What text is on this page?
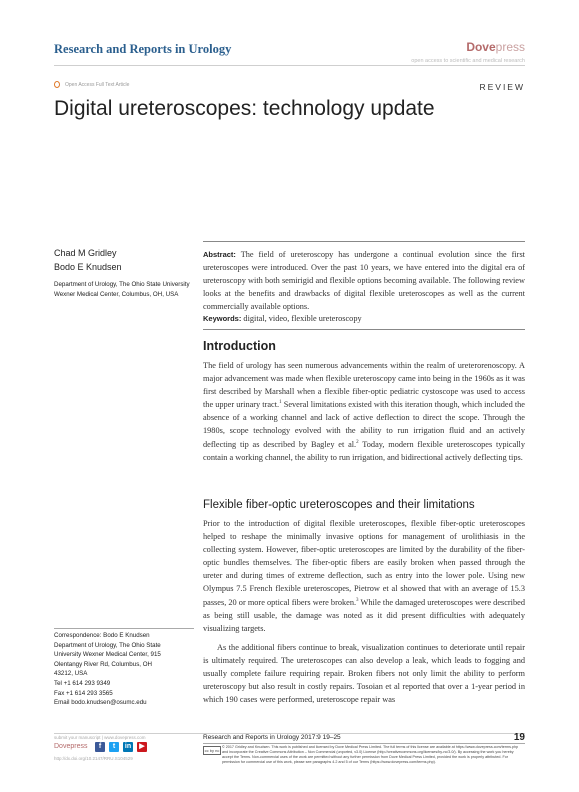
Research and Reports in Urology	Dovepress
open access to scientific and medical research
Open Access Full Text Article	REVIEW
Digital ureteroscopes: technology update
Chad M Gridley
Bodo E Knudsen
Department of Urology, The Ohio State University Wexner Medical Center, Columbus, OH, USA
Abstract: The field of ureteroscopy has undergone a continual evolution since the first ureteroscopes were introduced. Over the past 10 years, we have entered into the digital era of ureteroscopy with both semirigid and flexible options becoming available. The following review looks at the benefits and drawbacks of digital flexible ureteroscopes as well as the current commercially available options.
Keywords: digital, video, flexible ureteroscopy
Introduction
The field of urology has seen numerous advancements within the realm of ureterorenoscopy. A major advancement was made when flexible ureteroscopy came into being in the 1960s as it was first described by Marshall when a flexible fiber-optic pediatric cystoscope was used to access the upper urinary tract.$^1$ Several limitations existed with this iteration though, which included the absence of a working channel and lack of active deflection to direct the scope. Through the 1980s, scope technology evolved with the ability to run irrigation fluid and an actively deflecting tip as described by Bagley et al.$^2$ Today, modern flexible ureteroscopes typically contain a working channel, the ability to run irrigation, and bidirectional actively deflecting tips.
Flexible fiber-optic ureteroscopes and their limitations
Prior to the introduction of digital flexible ureteroscopes, flexible fiber-optic ureteroscopes helped to reshape the minimally invasive options for management of urolithiasis in the collecting system. However, fiber-optic ureteroscopes are limited by the durability of the fiber-optic bundles themselves. The fiber-optic fibers are easily broken when passed through the ureter and during times of extreme deflection, such as entry into the lower pole. Using new Olympus 7.5 French flexible ureteroscopes, Pietrow et al showed that with an average of 15.3 passes, 20 or more optical fibers were broken.$^3$ While the damaged ureteroscopes were described as being still usable, the damage was noted as it did present difficulties with adequately visualizing targets.
As the additional fibers continue to break, visualization continues to deteriorate until repair is ultimately required. The ureteroscopes can also develop a leak, which leads to fogging and usually complete failure requiring repair. Broken fibers not only limit the ability to perform ureteroscopy but also result in costly repairs. Tosoian et al reported that over a 1-year period in which 190 cases were performed, ureteroscope repair was
Correspondence: Bodo E Knudsen
Department of Urology, The Ohio State
University Wexner Medical Center, 915
Olentangy River Rd, Columbus, OH
43212, USA
Tel +1 614 293 9349
Fax +1 614 293 3565
Email bodo.knudsen@osumc.edu
submit your manuscript | www.dovepress.com
Dovepress	f	t	in	▶
http://dx.doi.org/10.2147/RRU.S104529
Research and Reports in Urology 2017:9 19–25	19
cc by nc
© 2017 Gridley and Knudsen. This work is published and licensed by Dove Medical Press Limited. The full terms of this license are available at https://www.dovepress.com/terms.php and incorporate the Creative Commons Attribution – Non Commercial (unported, v3.0) License (http://creativecommons.org/licenses/by-nc/3.0/). By accessing the work you hereby accept the Terms. Non-commercial uses of the work are permitted without any further permission from Dove Medical Press Limited, provided the work is properly attributed. For permission for commercial use of this work, please see paragraphs 4.2 and 5 of our Terms (https://www.dovepress.com/terms.php).
